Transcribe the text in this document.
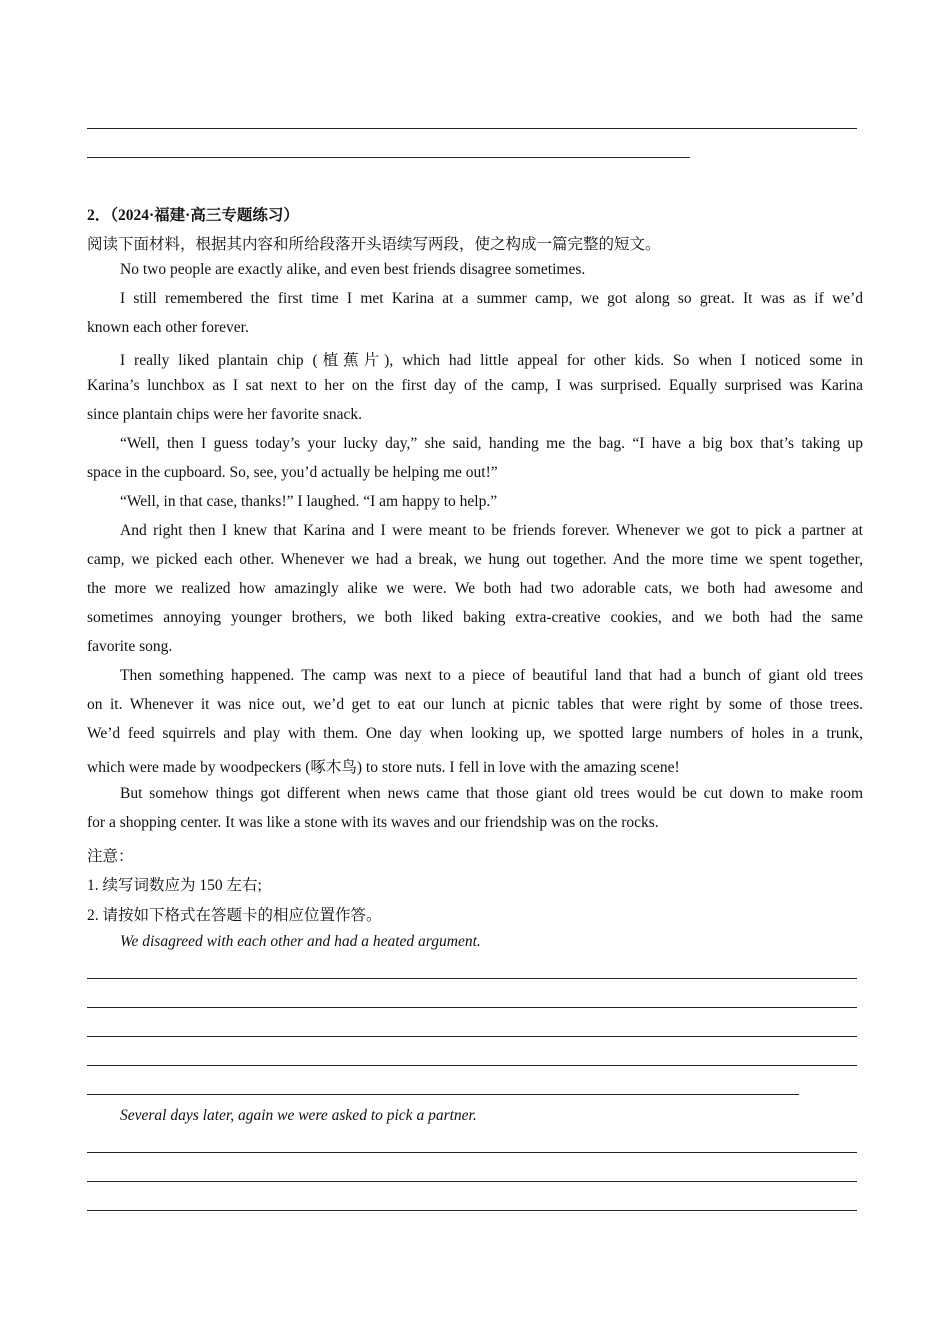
2．（2024·福建·高三专题练习）
阅读下面材料，根据其内容和所给段落开头语续写两段，使之构成一篇完整的短文。
No two people are exactly alike, and even best friends disagree sometimes.
I still remembered the first time I met Karina at a summer camp, we got along so great. It was as if we’d
known each other forever.
I really liked plantain chip (植蕉片), which had little appeal for other kids. So when I noticed some in
Karina’s lunchbox as I sat next to her on the first day of the camp, I was surprised. Equally surprised was Karina
since plantain chips were her favorite snack.
“Well, then I guess today’s your lucky day,” she said, handing me the bag. “I have a big box that’s taking up
space in the cupboard. So, see, you’d actually be helping me out!”
“Well, in that case, thanks!” I laughed. “I am happy to help.”
And right then I knew that Karina and I were meant to be friends forever. Whenever we got to pick a partner at
camp, we picked each other. Whenever we had a break, we hung out together. And the more time we spent together,
the more we realized how amazingly alike we were. We both had two adorable cats, we both had awesome and
sometimes annoying younger brothers, we both liked baking extra-creative cookies, and we both had the same
favorite song.
Then something happened. The camp was next to a piece of beautiful land that had a bunch of giant old trees
on it. Whenever it was nice out, we’d get to eat our lunch at picnic tables that were right by some of those trees.
We’d feed squirrels and play with them. One day when looking up, we spotted large numbers of holes in a trunk,
which were made by woodpeckers (啄木鸟) to store nuts. I fell in love with the amazing scene!
But somehow things got different when news came that those giant old trees would be cut down to make room
for a shopping center. It was like a stone with its waves and our friendship was on the rocks.
注意：
1. 续写词数应为 150 左右;
2. 请按如下格式在答题卡的相应位置作答。
We disagreed with each other and had a heated argument.
Several days later, again we were asked to pick a partner.
